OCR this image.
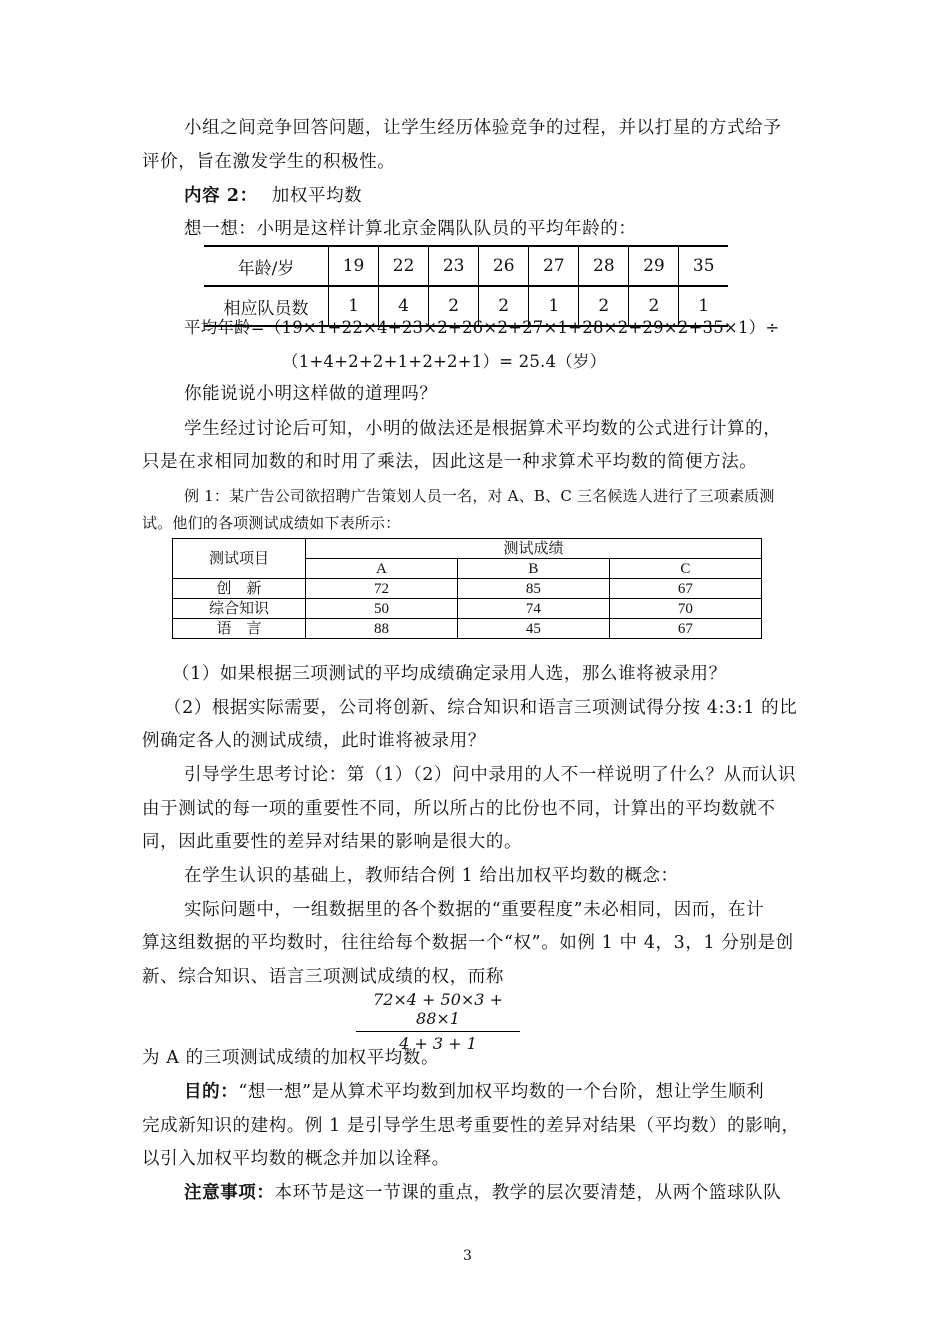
小组之间竞争回答问题，让学生经历体验竞争的过程，并以打星的方式给予
评价，旨在激发学生的积极性。
内容 2： 加权平均数
想一想：小明是这样计算北京金隅队队员的平均年龄的：
年龄/岁	19	22	23	26	27	28	29	35
相应队员数	1	4	2	2	1	2	2	1
平均年龄=（19×1+22×4+23×2+26×2+27×1+28×2+29×2+35×1）÷
（1+4+2+2+1+2+2+1）= 25.4（岁）
你能说说小明这样做的道理吗？
学生经过讨论后可知，小明的做法还是根据算术平均数的公式进行计算的，
只是在求相同加数的和时用了乘法，因此这是一种求算术平均数的简便方法。
例 1：某广告公司欲招聘广告策划人员一名，对 A、B、C 三名候选人进行了三项素质测
试。他们的各项测试成绩如下表所示：
测试项目	测试成绩		
	A	B	C
创　新	72	85	67
综合知识	50	74	70
语　言	88	45	67
（1）如果根据三项测试的平均成绩确定录用人选，那么谁将被录用？
（2）根据实际需要，公司将创新、综合知识和语言三项测试得分按 4:3:1 的比
例确定各人的测试成绩，此时谁将被录用？
引导学生思考讨论：第（1）（2）问中录用的人不一样说明了什么？从而认识
由于测试的每一项的重要性不同，所以所占的比份也不同，计算出的平均数就不
同，因此重要性的差异对结果的影响是很大的。
在学生认识的基础上，教师结合例 1 给出加权平均数的概念：
实际问题中，一组数据里的各个数据的“重要程度”未必相同，因而，在计
算这组数据的平均数时，往往给每个数据一个“权”。如例 1 中 4，3，1 分别是创
新、综合知识、语言三项测试成绩的权，而称
$\frac{72\times 4 + 50\times 3 + 88\times 1}{4 + 3 + 1}$
为 A 的三项测试成绩的加权平均数。
目的：“想一想”是从算术平均数到加权平均数的一个台阶，想让学生顺利
完成新知识的建构。例 1 是引导学生思考重要性的差异对结果（平均数）的影响，
以引入加权平均数的概念并加以诠释。
注意事项：本环节是这一节课的重点，教学的层次要清楚，从两个篮球队队
3
